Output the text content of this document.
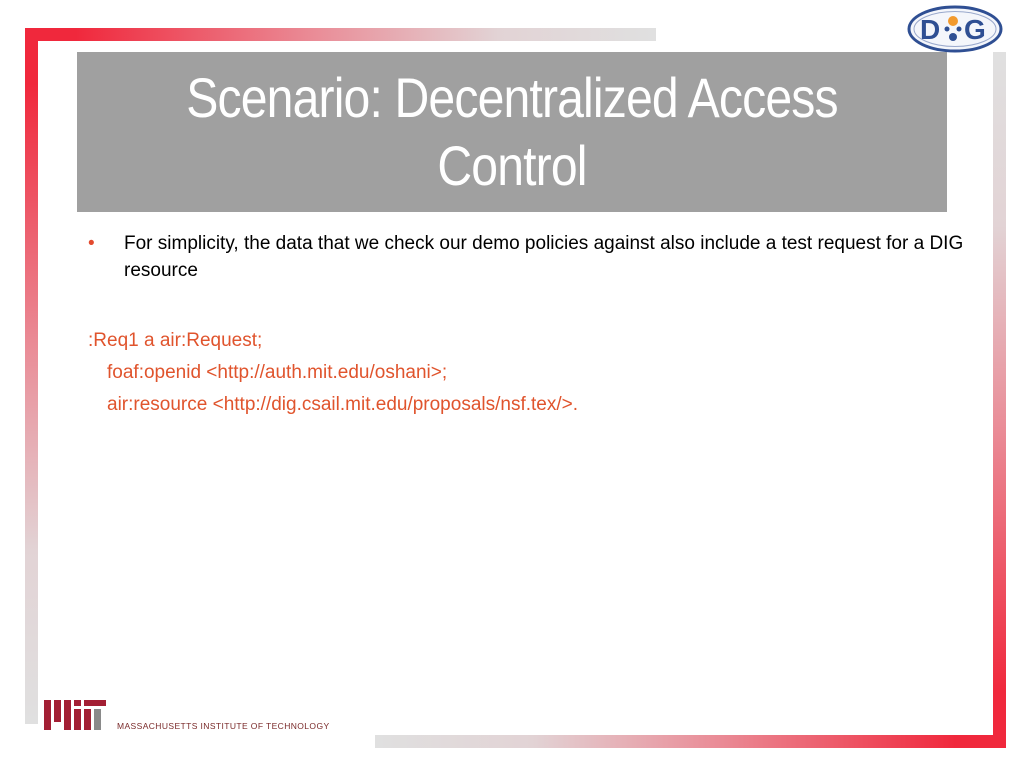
Scenario: Decentralized Access Control
D G
•	For simplicity, the data that we check our demo policies against also include a test request for a DIG resource
:Req1 a air:Request;
foaf:openid <http://auth.mit.edu/oshani>;
air:resource <http://dig.csail.mit.edu/proposals/nsf.tex/>.
MASSACHUSETTS INSTITUTE OF TECHNOLOGY
